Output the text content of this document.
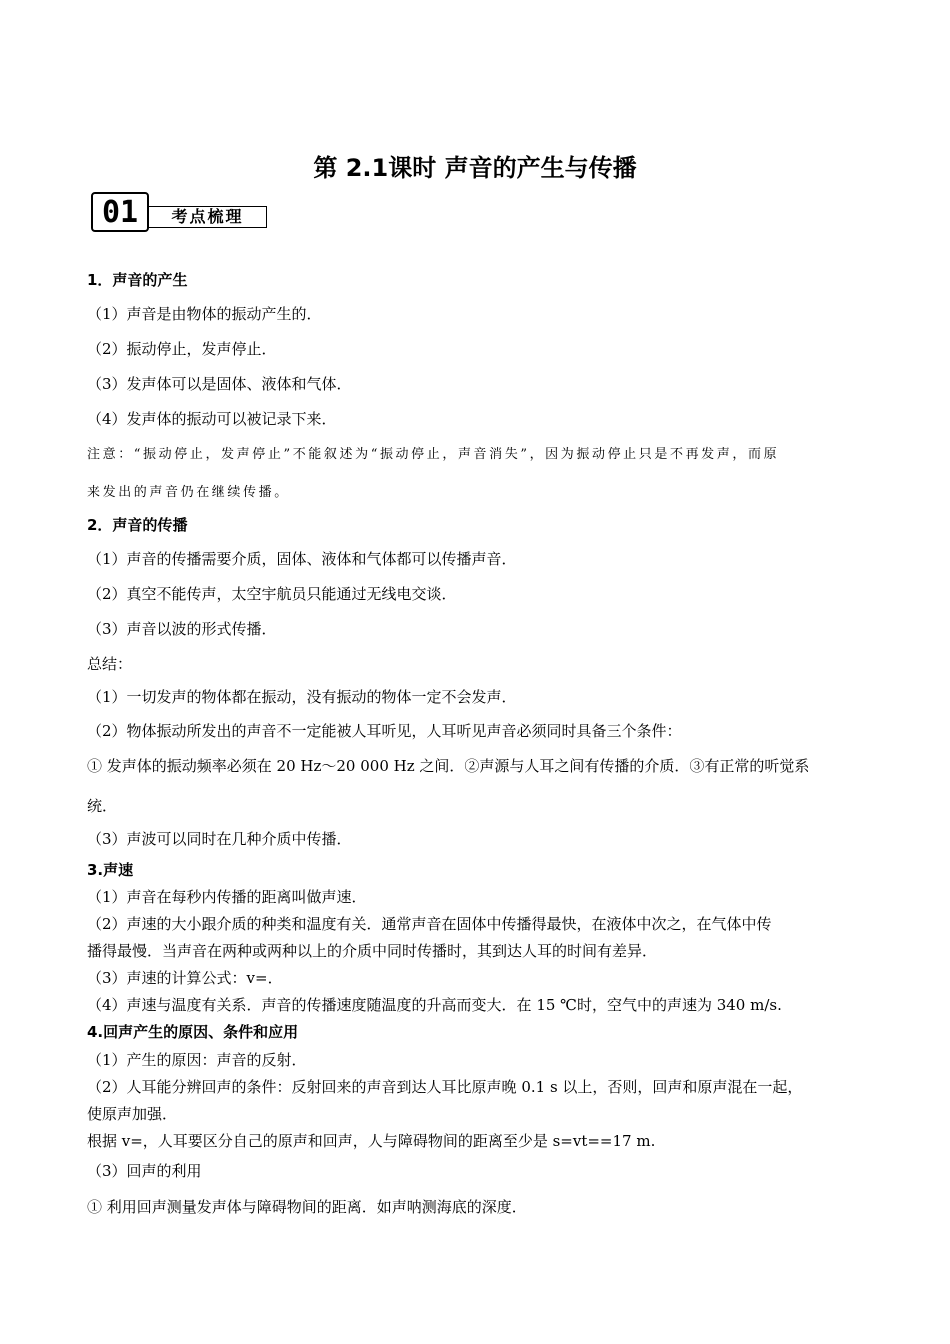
第 2.1课时 声音的产生与传播
01	考点梳理
1．声音的产生
（1）声音是由物体的振动产生的．
（2）振动停止，发声停止．
（3）发声体可以是固体、液体和气体．
（4）发声体的振动可以被记录下来．
注意：“振动停止，发声停止”不能叙述为“振动停止，声音消失”，因为振动停止只是不再发声，而原
来发出的声音仍在继续传播。
2．声音的传播
（1）声音的传播需要介质，固体、液体和气体都可以传播声音．
（2）真空不能传声，太空宇航员只能通过无线电交谈．
（3）声音以波的形式传播．
总结：
（1）一切发声的物体都在振动，没有振动的物体一定不会发声．
（2）物体振动所发出的声音不一定能被人耳听见，人耳听见声音必须同时具备三个条件：
① 发声体的振动频率必须在 20 Hz～20 000 Hz 之间．②声源与人耳之间有传播的介质．③有正常的听觉系
统．
（3）声波可以同时在几种介质中传播．
3.声速
（1）声音在每秒内传播的距离叫做声速．
（2）声速的大小跟介质的种类和温度有关．通常声音在固体中传播得最快，在液体中次之，在气体中传
播得最慢．当声音在两种或两种以上的介质中同时传播时，其到达人耳的时间有差异．
（3）声速的计算公式：v=．
（4）声速与温度有关系．声音的传播速度随温度的升高而变大．在 15 ℃时，空气中的声速为 340 m/s.
4.回声产生的原因、条件和应用
（1）产生的原因：声音的反射．
（2）人耳能分辨回声的条件：反射回来的声音到达人耳比原声晚 0.1 s 以上，否则，回声和原声混在一起，
使原声加强．
根据 v=，人耳要区分自己的原声和回声，人与障碍物间的距离至少是 s=vt==17 m.
（3）回声的利用
① 利用回声测量发声体与障碍物间的距离．如声呐测海底的深度．
